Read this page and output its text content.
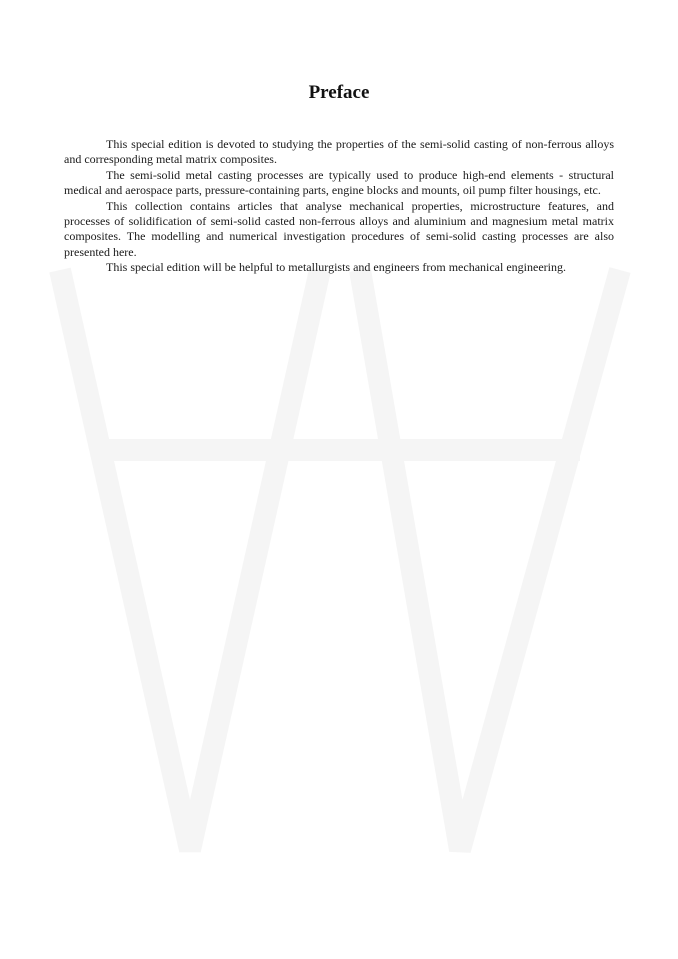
Preface

This special edition is devoted to studying the properties of the semi-solid casting of non-ferrous alloys and corresponding metal matrix composites.

The semi-solid metal casting processes are typically used to produce high-end elements - structural medical and aerospace parts, pressure-containing parts, engine blocks and mounts, oil pump filter housings, etc.

This collection contains articles that analyse mechanical properties, microstructure features, and processes of solidification of semi-solid casted non-ferrous alloys and aluminium and magnesium metal matrix composites. The modelling and numerical investigation procedures of semi-solid casting processes are also presented here.

This special edition will be helpful to metallurgists and engineers from mechanical engineering.
